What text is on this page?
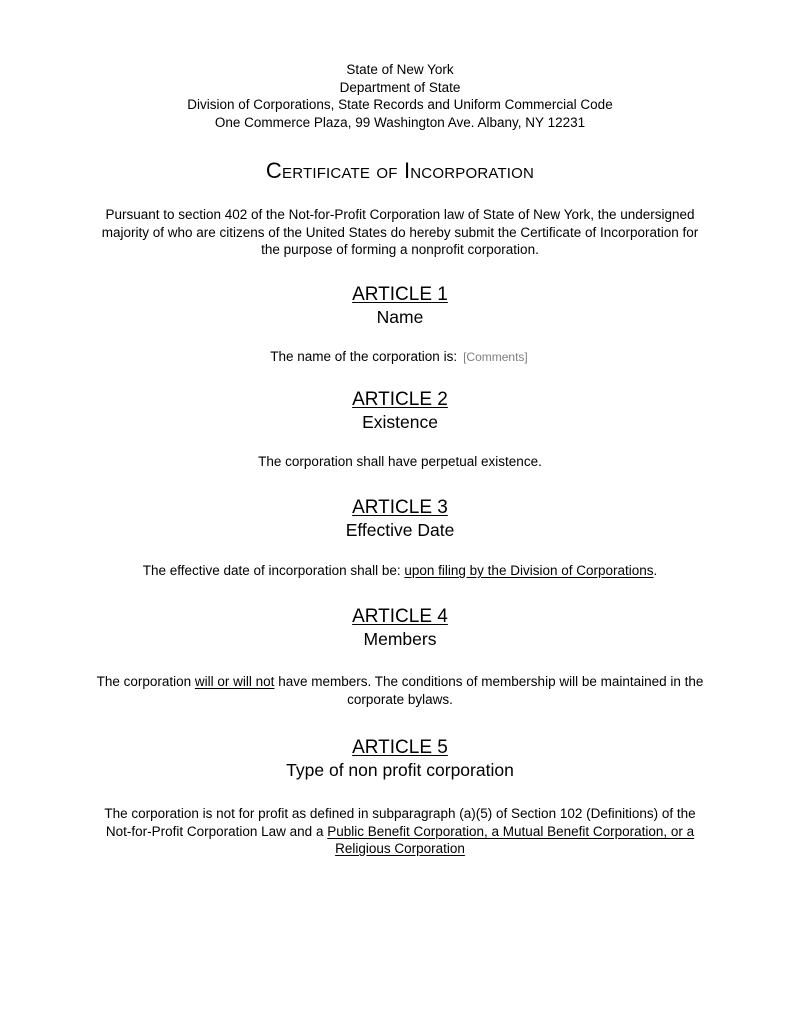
State of New York
Department of State
Division of Corporations, State Records and Uniform Commercial Code
One Commerce Plaza, 99 Washington Ave. Albany, NY 12231
Certificate of Incorporation
Pursuant to section 402 of the Not-for-Profit Corporation law of State of New York, the undersigned majority of who are citizens of the United States do hereby submit the Certificate of Incorporation for the purpose of forming a nonprofit corporation.
ARTICLE 1
Name
The name of the corporation is: [Comments]
ARTICLE 2
Existence
The corporation shall have perpetual existence.
ARTICLE 3
Effective Date
The effective date of incorporation shall be: upon filing by the Division of Corporations.
ARTICLE 4
Members
The corporation will or will not have members. The conditions of membership will be maintained in the corporate bylaws.
ARTICLE 5
Type of non profit corporation
The corporation is not for profit as defined in subparagraph (a)(5) of Section 102 (Definitions) of the Not-for-Profit Corporation Law and a Public Benefit Corporation, a Mutual Benefit Corporation, or a Religious Corporation
